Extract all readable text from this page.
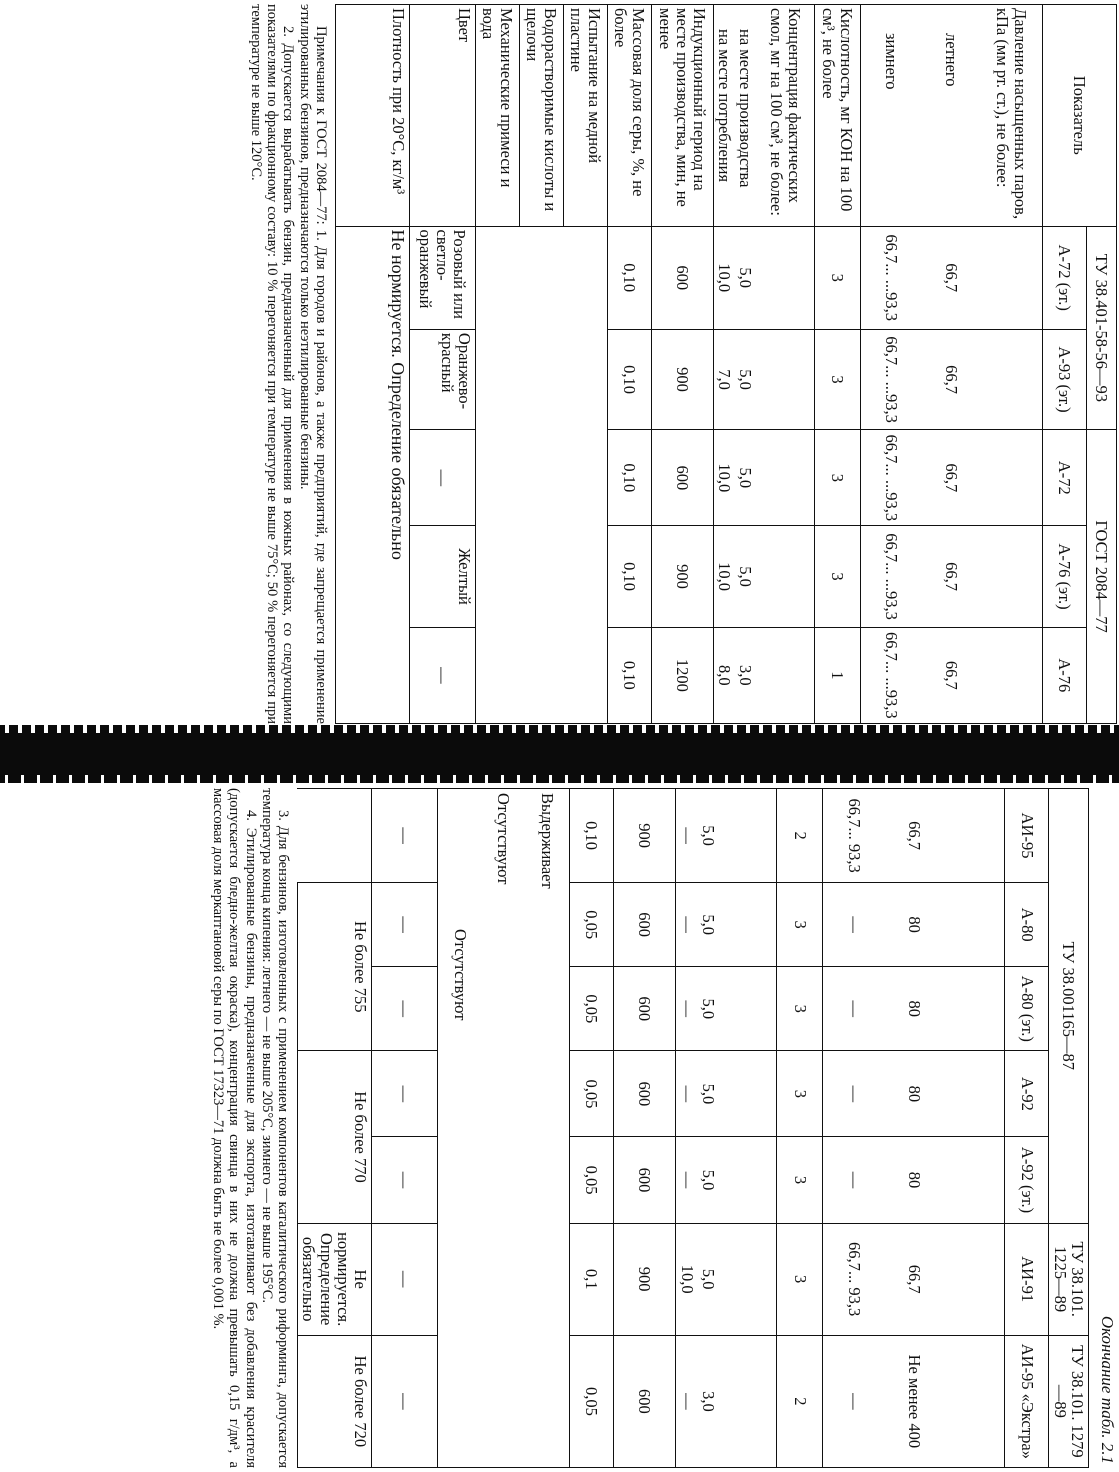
Показатель	ТУ 38.401-58-56—93		ГОСТ 2084—77		
	А-72 (эт.)	А-93 (эт.)	А-72	А-76 (эт.)	А-76
Давление насыщенных паров, кПа (мм рт. ст.), не более:					
летнего	66,7	66,7	66,7	66,7	66,7
зимнего	66,7... ...93,3	66,7... ...93,3	66,7... ...93,3	66,7... ...93,3	66,7... ...93,3
Кислотность, мг КОН на 100 см³, не более	3	3	3	3	1
Концентрация фактических смол, мг на 100 см³, не более:					
на месте производства	5,0	5,0	5,0	5,0	3,0
на месте потребления	10,0	7,0	10,0	10,0	8,0
Индукционный период на месте производства, мин, не менее	600	900	600	900	1200
Массовая доля серы, %, не более	0,10	0,10	0,10	0,10	0,10
Испытание на медной пластине					
Водорастворимые кислоты и щелочи					
Механические примеси и вода					
Цвет	Розовый или светло-оранжевый	Оранжево-красный	—	Желтый	—
Плотность при 20°С, кг/м³	Не нормируется. Определение обязательно				

Примечания к ГОСТ 2084—77: 1. Для городов и районов, а также предприятий, где запрещается применение этилированных бензинов, предназначаются только неэтилированные бензины.

2. Допускается вырабатывать бензин, предназначенный для применения в южных районах, со следующими показателями по фракционному составу: 10 % перегоняется при температуре не выше 75°С; 50 % перегоняется при температуре не выше 120°С.

Окончание табл. 2.1
ТУ 38.001165—87					ТУ 38.101. 1225—89	ТУ 38.101. 1279—89
АИ-95	А-80	А-80 (эт.)	А-92	А-92 (эт.)	АИ-91	АИ-95 «Экстра»

66,7	80	80	80	80	66,7	Не менее 400
66,7... 93,3	—	—	—	—	66,7... 93,3	—
2	3	3	3	3	3	2

5,0	5,0	5,0	5,0	5,0	5,0	3,0
—	—	—	—	—	10,0	—
900	600	600	600	600	900	600
0,10	0,05	0,05	0,05	0,05	0,1	0,05
Выдерживает						
Отсутствуют						
Отсутствуют						
—	—	—	—	—	—	—
	Не более 755		Не более 770		Не нормируется. Определение обязательно	Не более 720

3. Для бензинов, изготовленных с применением компонентов каталитического риформинга, допускается температура конца кипения: летнего — не выше 205°С, зимнего — не выше 195°С.

4. Этилированные бензины, предназначенные для экспорта, изготавливают без добавления красителя (допускается бледно-желтая окраска), концентрация свинца в них не должна превышать 0,15 г/дм³, а массовая доля меркаптановой серы по ГОСТ 17323—71 должна быть не более 0,001 %.
